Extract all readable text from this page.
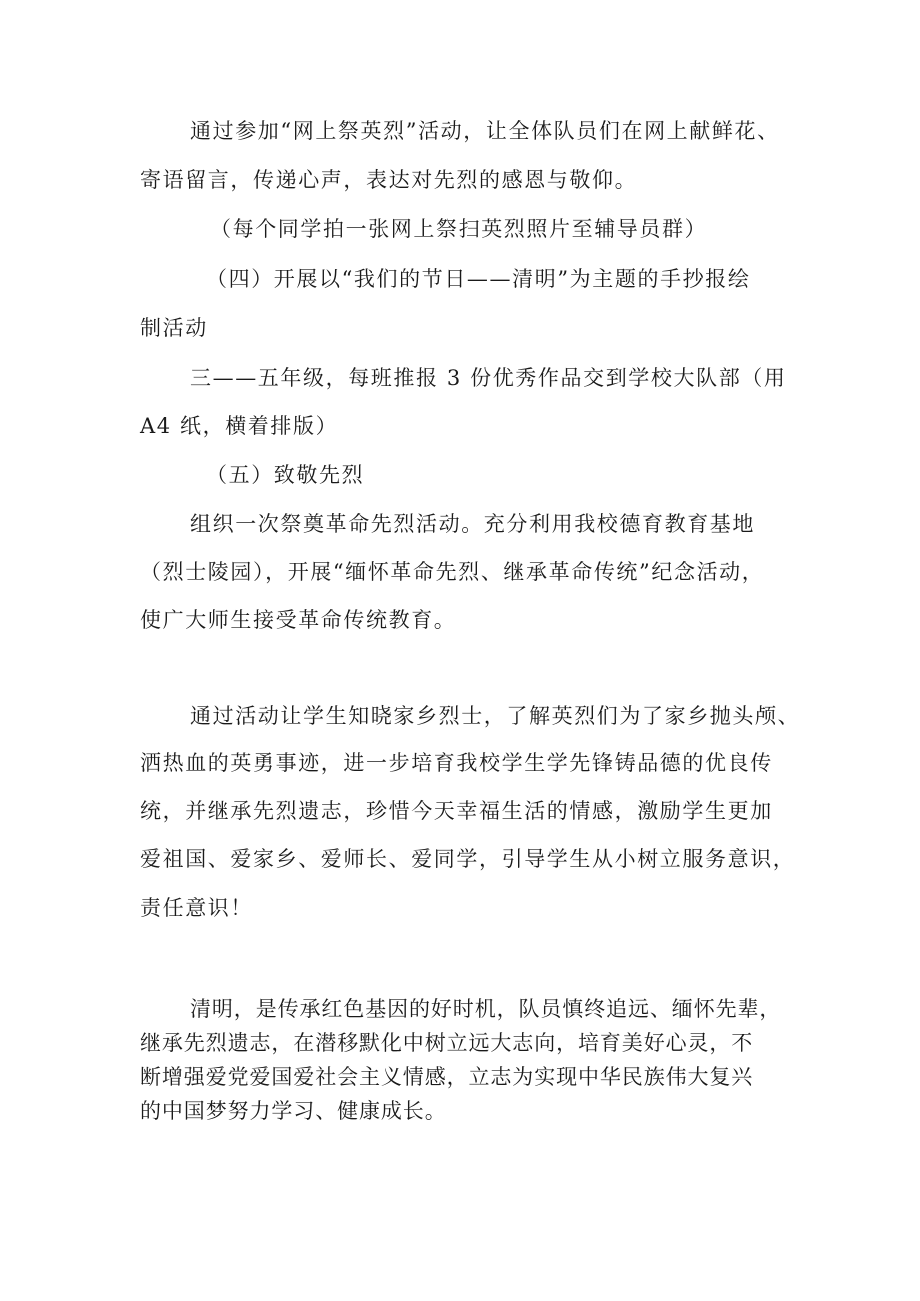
通过参加“网上祭英烈”活动，让全体队员们在网上献鲜花、
寄语留言，传递心声，表达对先烈的感恩与敬仰。
（每个同学拍一张网上祭扫英烈照片至辅导员群）
（四）开展以“我们的节日——清明”为主题的手抄报绘
制活动
三——五年级，每班推报 3 份优秀作品交到学校大队部（用
A4 纸，横着排版）
（五）致敬先烈
组织一次祭奠革命先烈活动。充分利用我校德育教育基地
（烈士陵园），开展“缅怀革命先烈、继承革命传统”纪念活动，
使广大师生接受革命传统教育。
通过活动让学生知晓家乡烈士，了解英烈们为了家乡抛头颅、
洒热血的英勇事迹，进一步培育我校学生学先锋铸品德的优良传
统，并继承先烈遗志，珍惜今天幸福生活的情感，激励学生更加
爱祖国、爱家乡、爱师长、爱同学，引导学生从小树立服务意识，
责任意识！
清明，是传承红色基因的好时机，队员慎终追远、缅怀先辈，
继承先烈遗志，在潜移默化中树立远大志向，培育美好心灵，不
断增强爱党爱国爱社会主义情感，立志为实现中华民族伟大复兴
的中国梦努力学习、健康成长。
